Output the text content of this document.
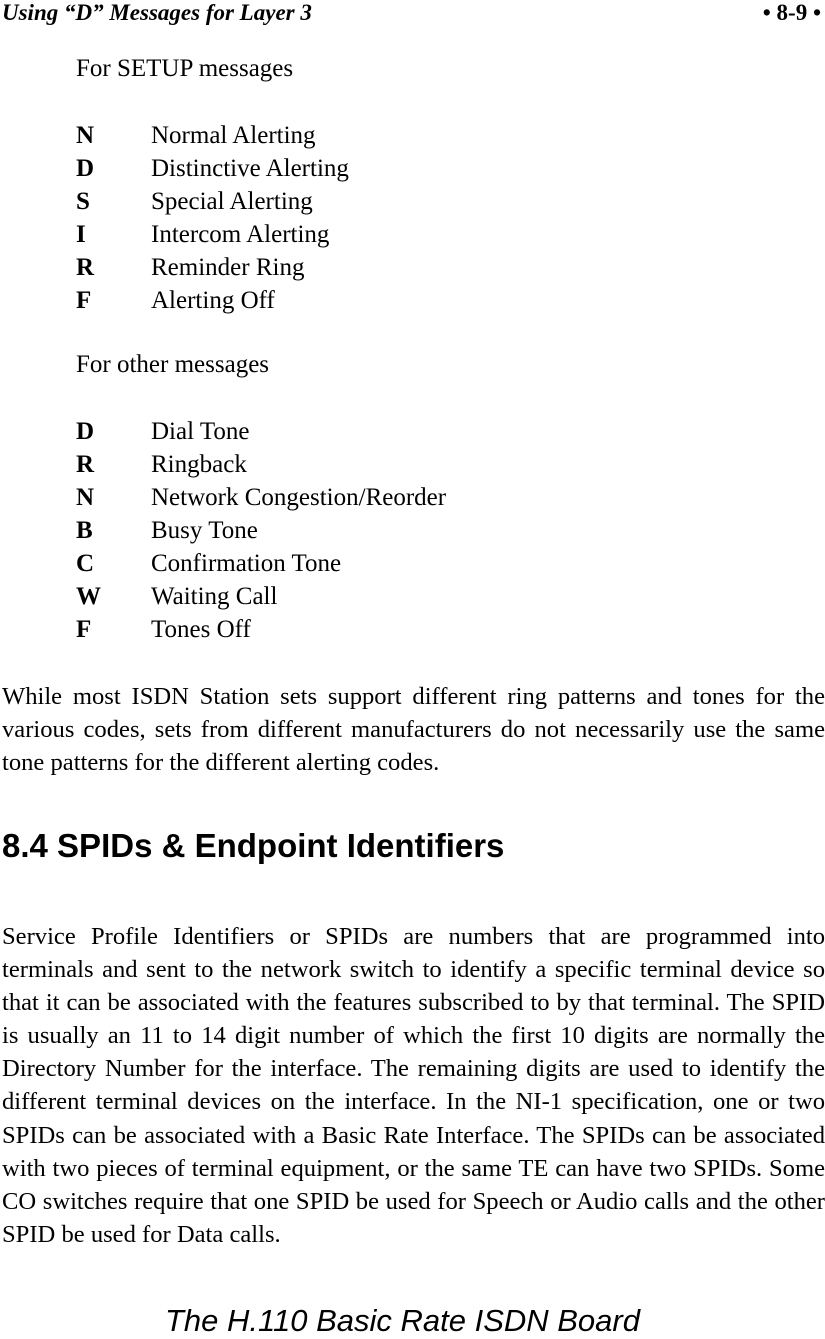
Using “D” Messages for Layer 3	• 8-9 •
For SETUP messages
N Normal Alerting
D Distinctive Alerting
S Special Alerting
I	Intercom Alerting
R Reminder Ring
F Alerting Off
For other messages
D Dial Tone
R Ringback
N Network Congestion/Reorder
B Busy Tone
C Confirmation Tone
W Waiting Call
F Tones Off
While most ISDN Station sets support different ring patterns and tones for the various codes, sets from different manufacturers do not necessarily use the same tone patterns for the different alerting codes.
8.4 SPIDs & Endpoint Identifiers
Service Profile Identifiers or SPIDs are numbers that are programmed into terminals and sent to the network switch to identify a specific terminal device so that it can be associated with the features subscribed to by that terminal. The SPID is usually an 11 to 14 digit number of which the first 10 digits are normally the Directory Number for the interface. The remaining digits are used to identify the different terminal devices on the interface. In the NI-1 specification, one or two SPIDs can be associated with a Basic Rate Interface. The SPIDs can be associated with two pieces of terminal equipment, or the same TE can have two SPIDs. Some CO switches require that one SPID be used for Speech or Audio calls and the other SPID be used for Data calls.
The H.110 Basic Rate ISDN Board
